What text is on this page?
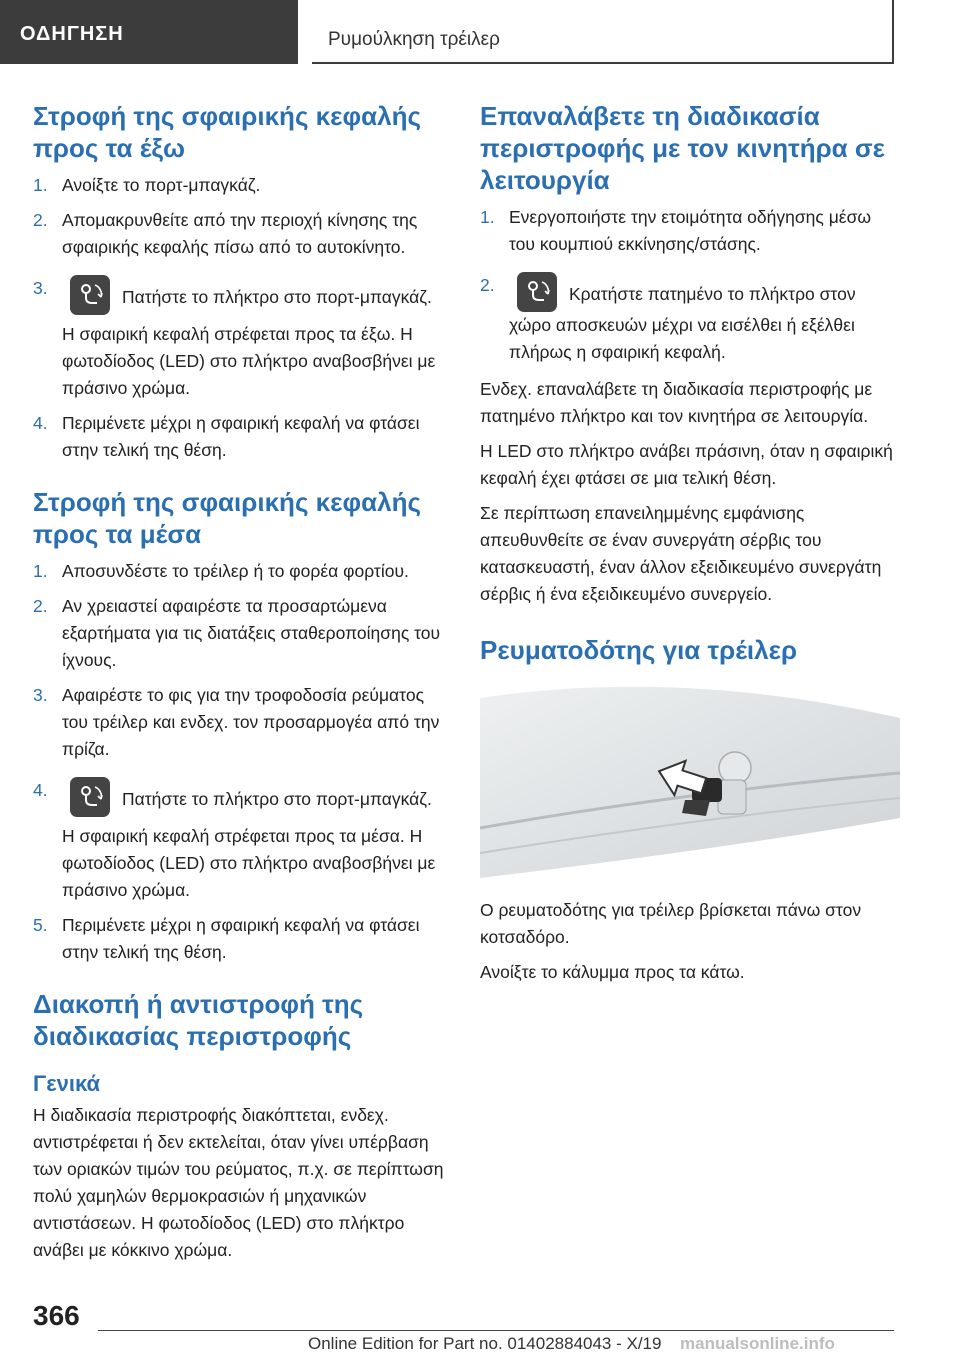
ΟΔΗΓΗΣΗ	Ρυμούλκηση τρέιλερ
Στροφή της σφαιρικής κεφαλής προς τα έξω
1. Ανοίξτε το πορτ-μπαγκάζ.
2. Απομακρυνθείτε από την περιοχή κίνησης της σφαιρικής κεφαλής πίσω από το αυτοκίνητο.
3.	Πατήστε το πλήκτρο στο πορτ-μπαγκάζ.

Η σφαιρική κεφαλή στρέφεται προς τα έξω. Η φωτοδίοδος (LED) στο πλήκτρο αναβοσβήνει με πράσινο χρώμα.
4. Περιμένετε μέχρι η σφαιρική κεφαλή να φτάσει στην τελική της θέση.
Στροφή της σφαιρικής κεφαλής προς τα μέσα
1. Αποσυνδέστε το τρέιλερ ή το φορέα φορτίου.
2. Αν χρειαστεί αφαιρέστε τα προσαρτώμενα εξαρτήματα για τις διατάξεις σταθεροποίησης του ίχνους.
3. Αφαιρέστε το φις για την τροφοδοσία ρεύματος του τρέιλερ και ενδεχ. τον προσαρμογέα από την πρίζα.
4.	Πατήστε το πλήκτρο στο πορτ-μπαγκάζ.

Η σφαιρική κεφαλή στρέφεται προς τα μέσα. Η φωτοδίοδος (LED) στο πλήκτρο αναβοσβήνει με πράσινο χρώμα.
5. Περιμένετε μέχρι η σφαιρική κεφαλή να φτάσει στην τελική της θέση.
Διακοπή ή αντιστροφή της διαδικασίας περιστροφής
Γενικά

Η διαδικασία περιστροφής διακόπτεται, ενδεχ. αντιστρέφεται ή δεν εκτελείται, όταν γίνει υπέρβαση των οριακών τιμών του ρεύματος, π.χ. σε περίπτωση πολύ χαμηλών θερμοκρασιών ή μηχανικών αντιστάσεων. Η φωτοδίοδος (LED) στο πλήκτρο ανάβει με κόκκινο χρώμα.

Επαναλάβετε τη διαδικασία περιστροφής με τον κινητήρα σε λειτουργία
1. Ενεργοποιήστε την ετοιμότητα οδήγησης μέσω του κουμπιού εκκίνησης/στάσης.
2.	Κρατήστε πατημένο το πλήκτρο στον χώρο αποσκευών μέχρι να εισέλθει ή εξέλθει πλήρως η σφαιρική κεφαλή.

Ενδεχ. επαναλάβετε τη διαδικασία περιστροφής με πατημένο πλήκτρο και τον κινητήρα σε λειτουργία.

Η LED στο πλήκτρο ανάβει πράσινη, όταν η σφαιρική κεφαλή έχει φτάσει σε μια τελική θέση.

Σε περίπτωση επανειλημμένης εμφάνισης απευθυνθείτε σε έναν συνεργάτη σέρβις του κατασκευαστή, έναν άλλον εξειδικευμένο συνεργάτη σέρβις ή ένα εξειδικευμένο συνεργείο.

Ρευματοδότης για τρέιλερ

Ο ρευματοδότης για τρέιλερ βρίσκεται πάνω στον κοτσαδόρο.

Ανοίξτε το κάλυμμα προς τα κάτω.

366
Online Edition for Part no. 01402884043 - X/19 manualsonline.info
